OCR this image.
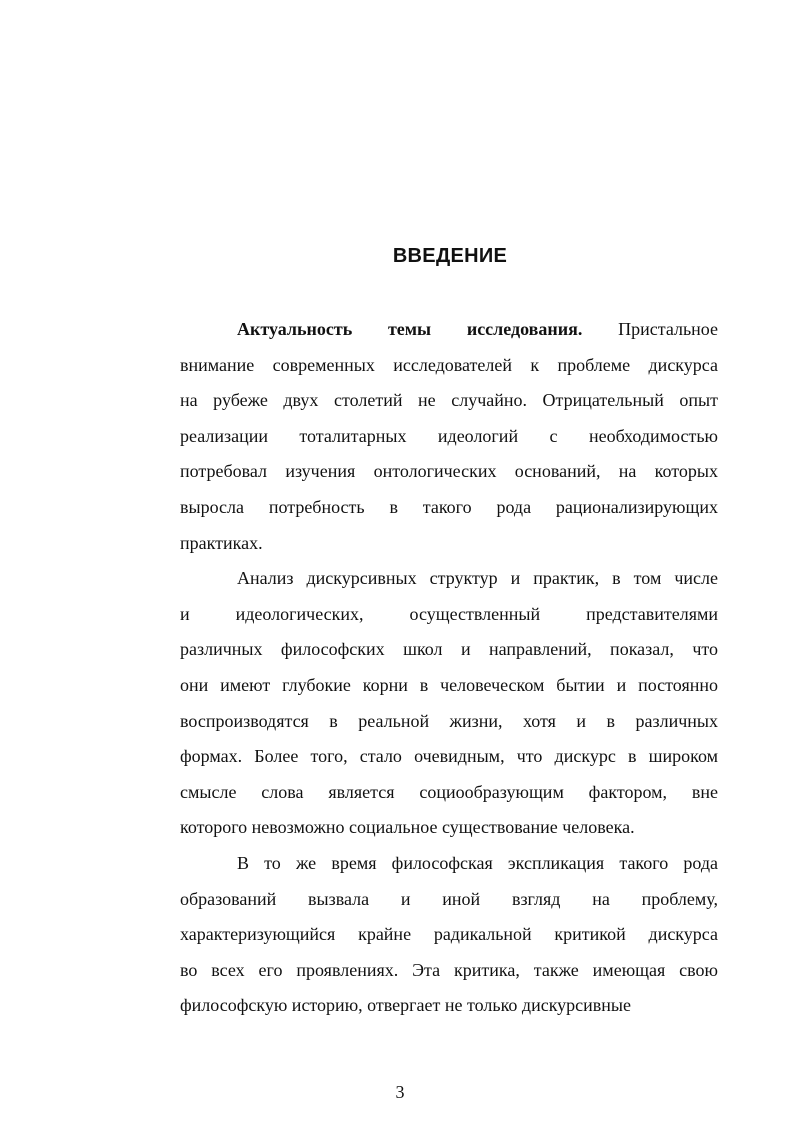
ВВЕДЕНИЕ
Актуальность темы исследования. Пристальное
внимание современных исследователей к проблеме дискурса
на рубеже двух столетий не случайно. Отрицательный опыт
реализации тоталитарных идеологий с необходимостью
потребовал изучения онтологических оснований, на которых
выросла потребность в такого рода рационализирующих
практиках.
Анализ дискурсивных структур и практик, в том числе
и идеологических, осуществленный представителями
различных философских школ и направлений, показал, что
они имеют глубокие корни в человеческом бытии и постоянно
воспроизводятся в реальной жизни, хотя и в различных
формах. Более того, стало очевидным, что дискурс в широком
смысле слова является социообразующим фактором, вне
которого невозможно социальное существование человека.
В то же время философская экспликация такого рода
образований вызвала и иной взгляд на проблему,
характеризующийся крайне радикальной критикой дискурса
во всех его проявлениях. Эта критика, также имеющая свою
философскую историю, отвергает не только дискурсивные
3
